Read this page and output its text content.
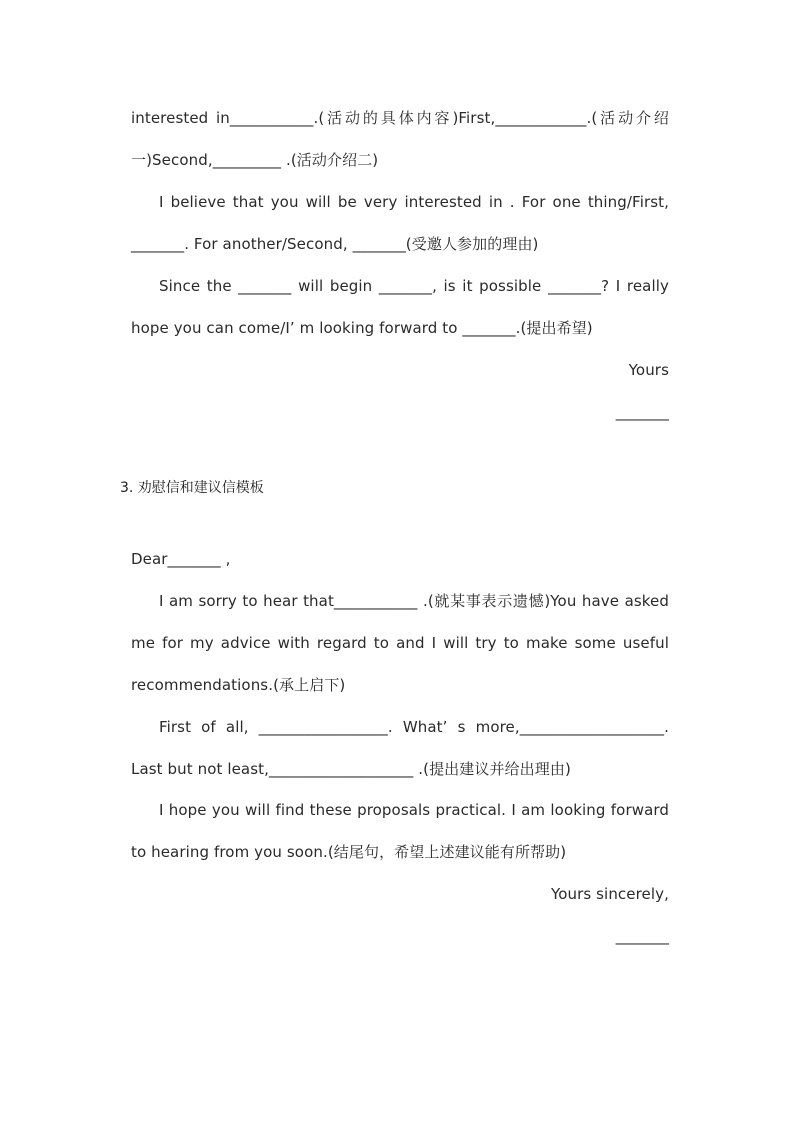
interested in___________.(活动的具体内容)First,____________.(活动介绍
一)Second,_________ .(活动介绍二)
I believe that you will be very interested in . For one thing/First,
_______. For another/Second, _______(受邀人参加的理由)
Since the _______ will begin _______, is it possible _______? I really
hope you can come/I’ m looking forward to _______.(提出希望)
Yours
_______
3. 劝慰信和建议信模板
Dear_______ ,
I am sorry to hear that___________ .(就某事表示遗憾)You have asked
me for my advice with regard to and I will try to make some useful
recommendations.(承上启下)
First of all, _________________. What’ s more,___________________.
Last but not least,___________________ .(提出建议并给出理由)
I hope you will find these proposals practical. I am looking forward
to hearing from you soon.(结尾句，希望上述建议能有所帮助)
Yours sincerely,
_______
